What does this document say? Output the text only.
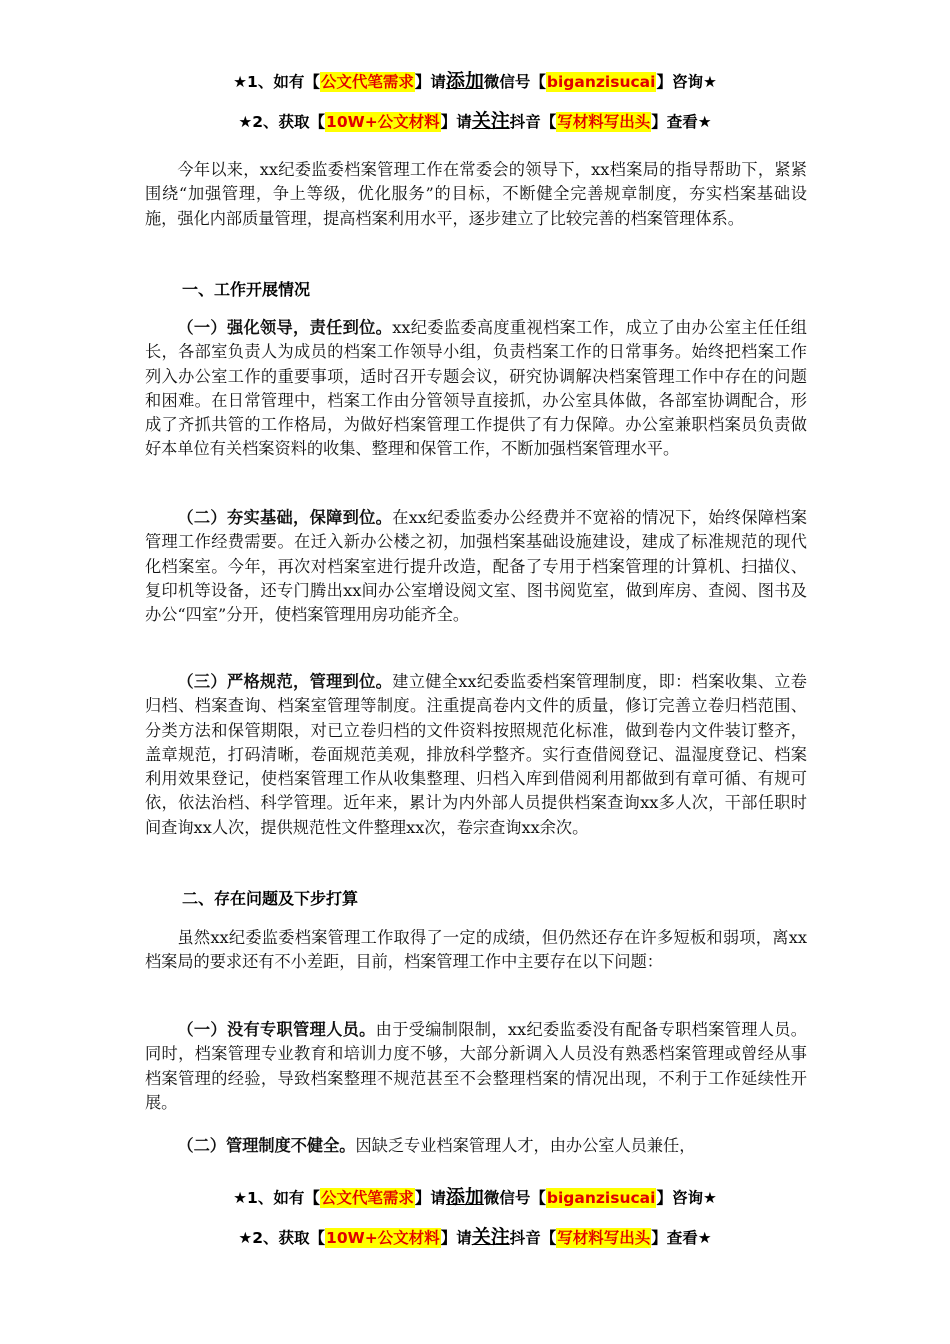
★1、如有【公文代笔需求】请添加微信号【biganzisucai】咨询★
★2、获取【10W+公文材料】请关注抖音【写材料写出头】查看★

今年以来，xx纪委监委档案管理工作在常委会的领导下，xx档案局的指导帮助下，紧紧围绕“加强管理，争上等级，优化服务”的目标，不断健全完善规章制度，夯实档案基础设施，强化内部质量管理，提高档案利用水平，逐步建立了比较完善的档案管理体系。

一、工作开展情况

（一）强化领导，责任到位。xx纪委监委高度重视档案工作，成立了由办公室主任任组长，各部室负责人为成员的档案工作领导小组，负责档案工作的日常事务。始终把档案工作列入办公室工作的重要事项，适时召开专题会议，研究协调解决档案管理工作中存在的问题和困难。在日常管理中，档案工作由分管领导直接抓，办公室具体做，各部室协调配合，形成了齐抓共管的工作格局，为做好档案管理工作提供了有力保障。办公室兼职档案员负责做好本单位有关档案资料的收集、整理和保管工作，不断加强档案管理水平。

（二）夯实基础，保障到位。在xx纪委监委办公经费并不宽裕的情况下，始终保障档案管理工作经费需要。在迁入新办公楼之初，加强档案基础设施建设，建成了标准规范的现代化档案室。今年，再次对档案室进行提升改造，配备了专用于档案管理的计算机、扫描仪、复印机等设备，还专门腾出xx间办公室增设阅文室、图书阅览室，做到库房、查阅、图书及办公“四室”分开，使档案管理用房功能齐全。

（三）严格规范，管理到位。建立健全xx纪委监委档案管理制度，即：档案收集、立卷归档、档案查询、档案室管理等制度。注重提高卷内文件的质量，修订完善立卷归档范围、分类方法和保管期限，对已立卷归档的文件资料按照规范化标准，做到卷内文件装订整齐，盖章规范，打码清晰，卷面规范美观，排放科学整齐。实行查借阅登记、温湿度登记、档案利用效果登记，使档案管理工作从收集整理、归档入库到借阅利用都做到有章可循、有规可依，依法治档、科学管理。近年来，累计为内外部人员提供档案查询xx多人次，干部任职时间查询xx人次，提供规范性文件整理xx次，卷宗查询xx余次。

二、存在问题及下步打算

虽然xx纪委监委档案管理工作取得了一定的成绩，但仍然还存在许多短板和弱项，离xx档案局的要求还有不小差距，目前，档案管理工作中主要存在以下问题：

（一）没有专职管理人员。由于受编制限制，xx纪委监委没有配备专职档案管理人员。同时，档案管理专业教育和培训力度不够，大部分新调入人员没有熟悉档案管理或曾经从事档案管理的经验，导致档案整理不规范甚至不会整理档案的情况出现，不利于工作延续性开展。

（二）管理制度不健全。因缺乏专业档案管理人才，由办公室人员兼任，

★1、如有【公文代笔需求】请添加微信号【biganzisucai】咨询★
★2、获取【10W+公文材料】请关注抖音【写材料写出头】查看★
